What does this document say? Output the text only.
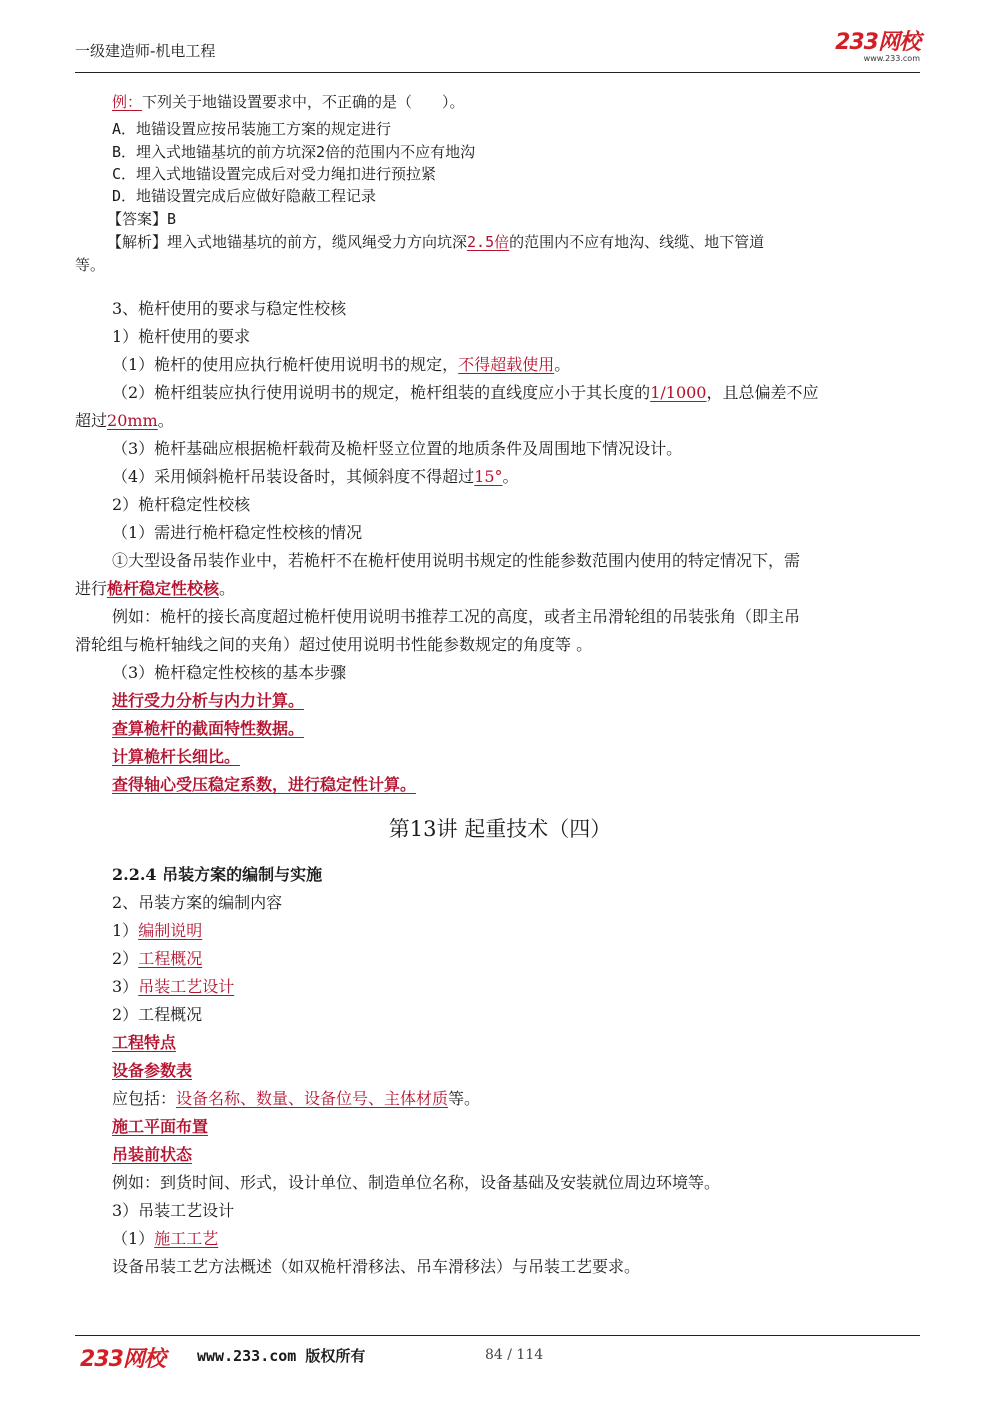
一级建造师-机电工程	233网校
www.233.com
例：下列关于地锚设置要求中，不正确的是（　　）。
A．地锚设置应按吊装施工方案的规定进行
B．埋入式地锚基坑的前方坑深2倍的范围内不应有地沟
C．埋入式地锚设置完成后对受力绳扣进行预拉紧
D．地锚设置完成后应做好隐蔽工程记录
【答案】B
【解析】埋入式地锚基坑的前方，缆风绳受力方向坑深2.5倍的范围内不应有地沟、线缆、地下管道
等。
3、桅杆使用的要求与稳定性校核
1）桅杆使用的要求
（1）桅杆的使用应执行桅杆使用说明书的规定，不得超载使用。
（2）桅杆组装应执行使用说明书的规定，桅杆组装的直线度应小于其长度的1/1000，且总偏差不应
超过20mm。
（3）桅杆基础应根据桅杆载荷及桅杆竖立位置的地质条件及周围地下情况设计。
（4）采用倾斜桅杆吊装设备时，其倾斜度不得超过15°。
2）桅杆稳定性校核
（1）需进行桅杆稳定性校核的情况
①大型设备吊装作业中，若桅杆不在桅杆使用说明书规定的性能参数范围内使用的特定情况下，需
进行桅杆稳定性校核。
例如：桅杆的接长高度超过桅杆使用说明书推荐工况的高度，或者主吊滑轮组的吊装张角（即主吊
滑轮组与桅杆轴线之间的夹角）超过使用说明书性能参数规定的角度等 。
（3）桅杆稳定性校核的基本步骤
进行受力分析与内力计算。
查算桅杆的截面特性数据。
计算桅杆长细比。
查得轴心受压稳定系数，进行稳定性计算。
第13讲 起重技术（四）
2.2.4 吊装方案的编制与实施
2、吊装方案的编制内容
1）编制说明
2）工程概况
3）吊装工艺设计
2）工程概况
工程特点
设备参数表
应包括：设备名称、数量、设备位号、主体材质等。
施工平面布置
吊装前状态
例如：到货时间、形式，设计单位、制造单位名称，设备基础及安装就位周边环境等。
3）吊装工艺设计
（1）施工工艺
设备吊装工艺方法概述（如双桅杆滑移法、吊车滑移法）与吊装工艺要求。
233网校 www.233.com 版权所有	84 / 114
